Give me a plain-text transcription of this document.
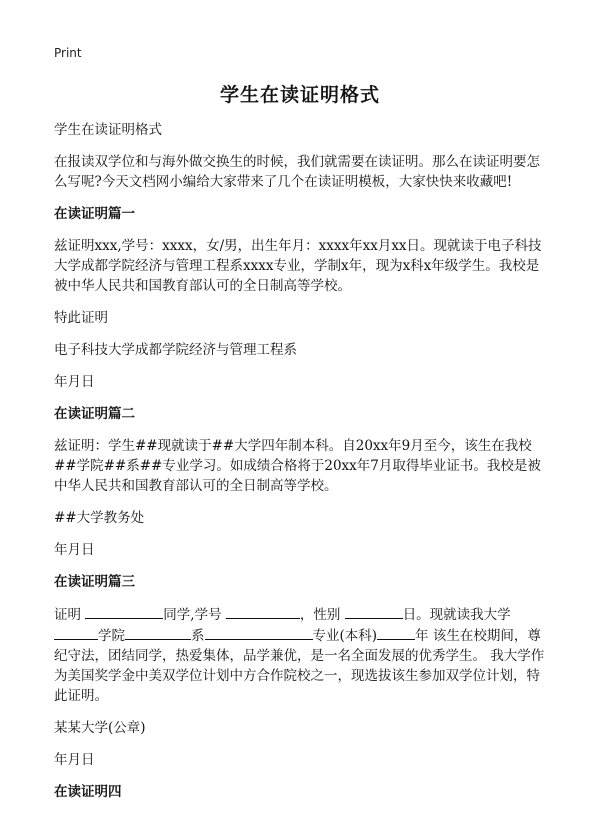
Print
学生在读证明格式

学生在读证明格式

在报读双学位和与海外做交换生的时候，我们就需要在读证明。那么在读证明要怎么写呢?今天文档网小编给大家带来了几个在读证明模板，大家快快来收藏吧!

在读证明篇一

兹证明xxx,学号：xxxx，女/男，出生年月：xxxx年xx月xx日。现就读于电子科技大学成都学院经济与管理工程系xxxx专业，学制x年，现为x科x年级学生。我校是被中华人民共和国教育部认可的全日制高等学校。

特此证明

电子科技大学成都学院经济与管理工程系

年月日

在读证明篇二

兹证明：学生##现就读于##大学四年制本科。自20xx年9月至今，该生在我校##学院##系##专业学习。如成绩合格将于20xx年7月取得毕业证书。我校是被中华人民共和国教育部认可的全日制高等学校。

##大学教务处

年月日

在读证明篇三

证明	同学,学号	，性别	日。现就读我大学
学院	系	专业(本科)	年 该生在校期间，尊纪守法，团结同学，热爱集体，品学兼优，是一名全面发展的优秀学生。 我大学作为美国奖学金中美双学位计划中方合作院校之一，现选拔该生参加双学位计划，特此证明。

某某大学(公章)

年月日

在读证明四
